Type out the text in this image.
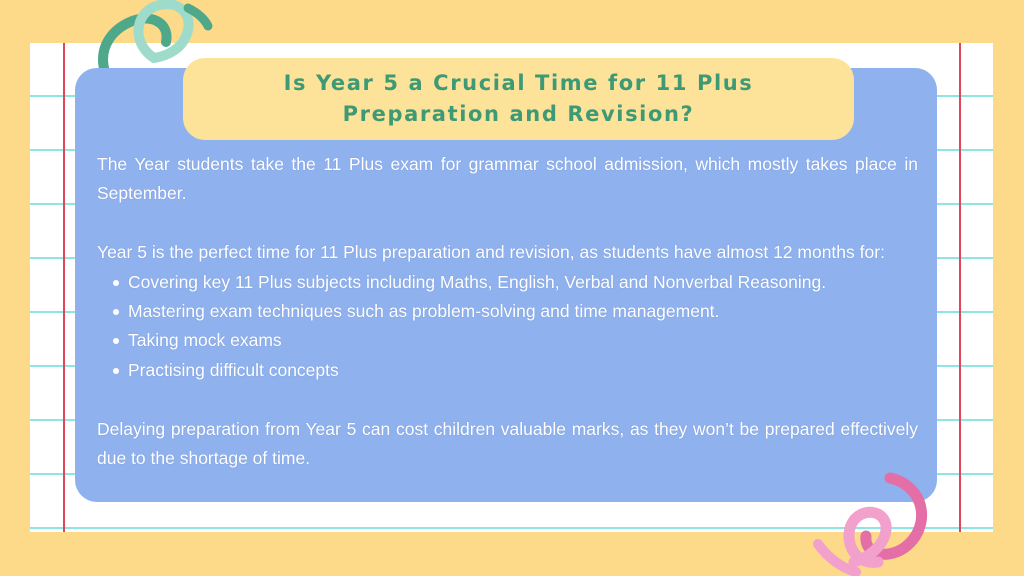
Is Year 5 a Crucial Time for 11 Plus Preparation and Revision?

The Year students take the 11 Plus exam for grammar school admission, which mostly takes place in September.

Year 5 is the perfect time for 11 Plus preparation and revision, as students have almost 12 months for:

Covering key 11 Plus subjects including Maths, English, Verbal and Nonverbal Reasoning.
Mastering exam techniques such as problem-solving and time management.
Taking mock exams
Practising difficult concepts

Delaying preparation from Year 5 can cost children valuable marks, as they won’t be prepared effectively due to the shortage of time.
